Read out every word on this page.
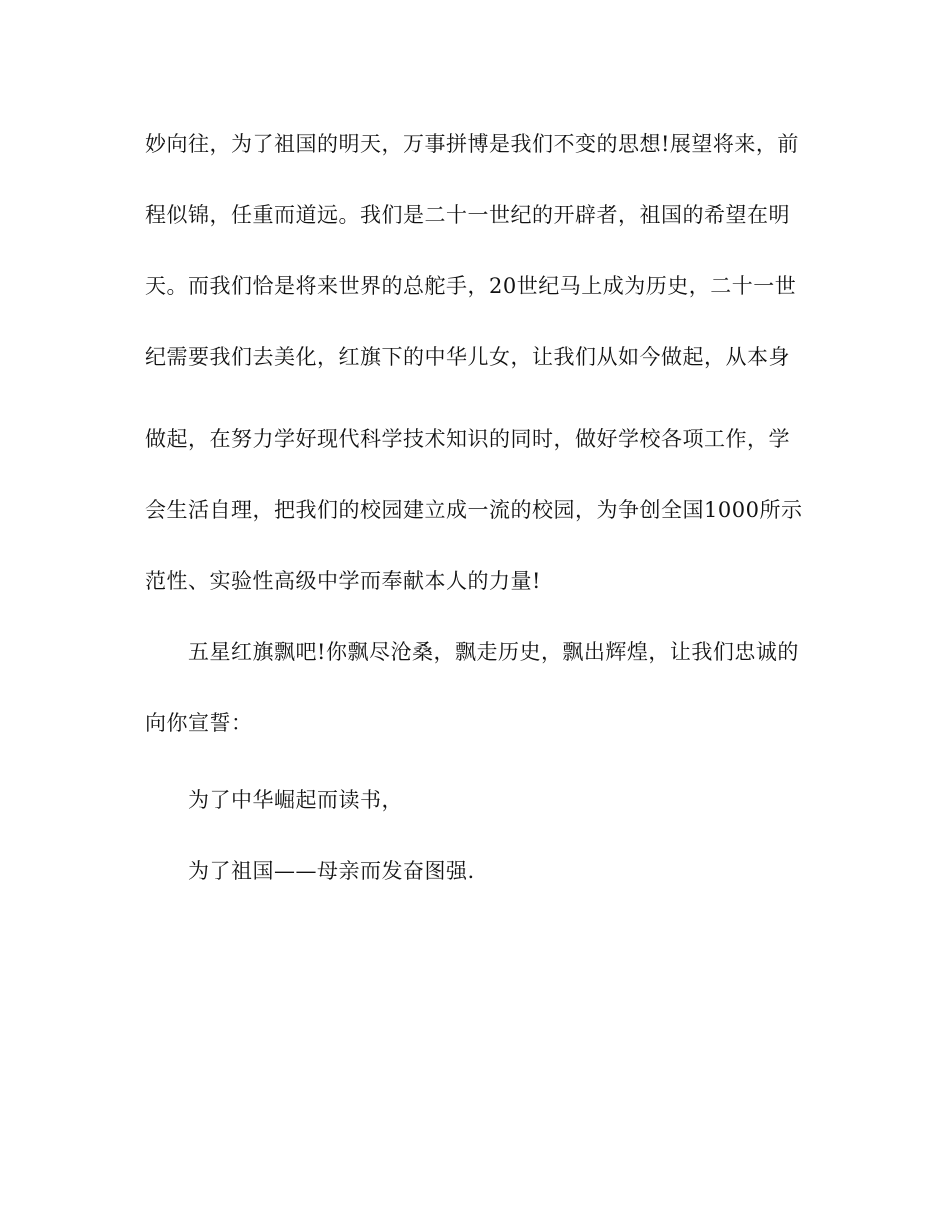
妙向往，为了祖国的明天，万事拼博是我们不变的思想!展望将来，前
程似锦，任重而道远。我们是二十一世纪的开辟者，祖国的希望在明
天。而我们恰是将来世界的总舵手，20世纪马上成为历史，二十一世
纪需要我们去美化，红旗下的中华儿女，让我们从如今做起，从本身
做起，在努力学好现代科学技术知识的同时，做好学校各项工作，学
会生活自理，把我们的校园建立成一流的校园，为争创全国1000所示
范性、实验性高级中学而奉献本人的力量!
五星红旗飘吧!你飘尽沧桑，飘走历史，飘出辉煌，让我们忠诚的
向你宣誓：
为了中华崛起而读书，
为了祖国——母亲而发奋图强.
